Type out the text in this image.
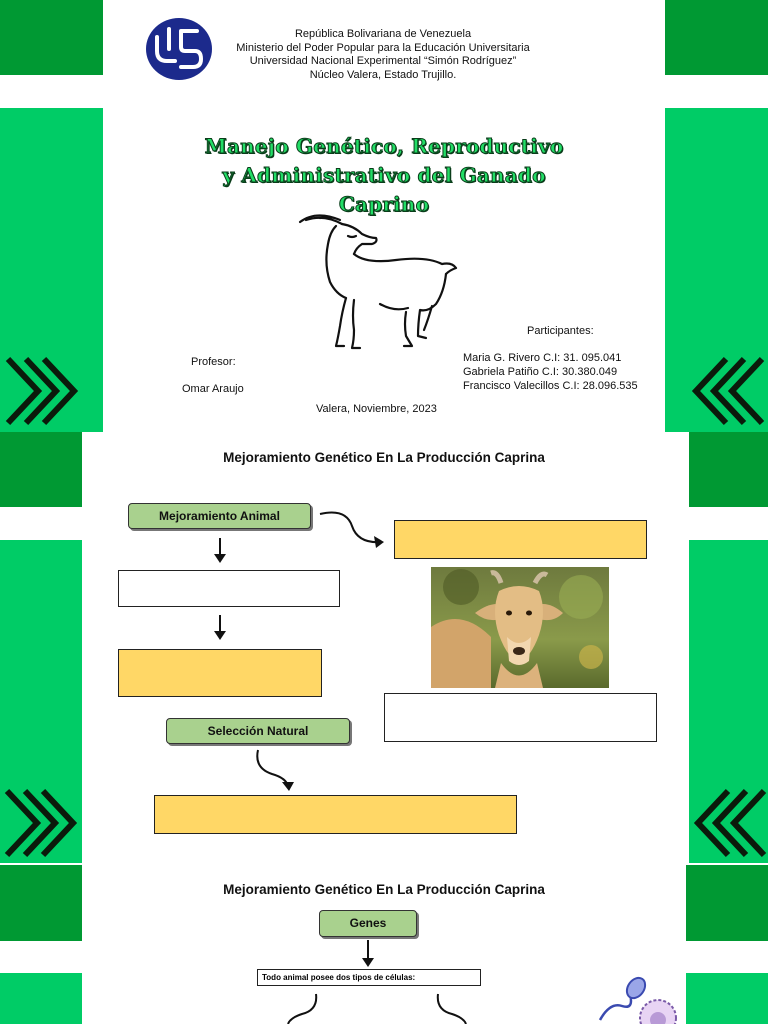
República Bolivariana de Venezuela
Ministerio del Poder Popular para la Educación Universitaria
Universidad Nacional Experimental “Simón Rodríguez”
Núcleo Valera, Estado Trujillo.
Manejo Genético, Reproductivo
y Administrativo del Ganado
Caprino
Participantes:
Maria G. Rivero C.I: 31. 095.041
Gabriela Patiño C.I: 30.380.049
Francisco Valecillos C.I: 28.096.535
Profesor:
Omar Araujo
Valera, Noviembre, 2023
Mejoramiento Genético En La Producción Caprina
Mejoramiento Animal
Selección Natural
Mejoramiento Genético En La Producción Caprina
Genes
Todo animal posee dos tipos de células:
